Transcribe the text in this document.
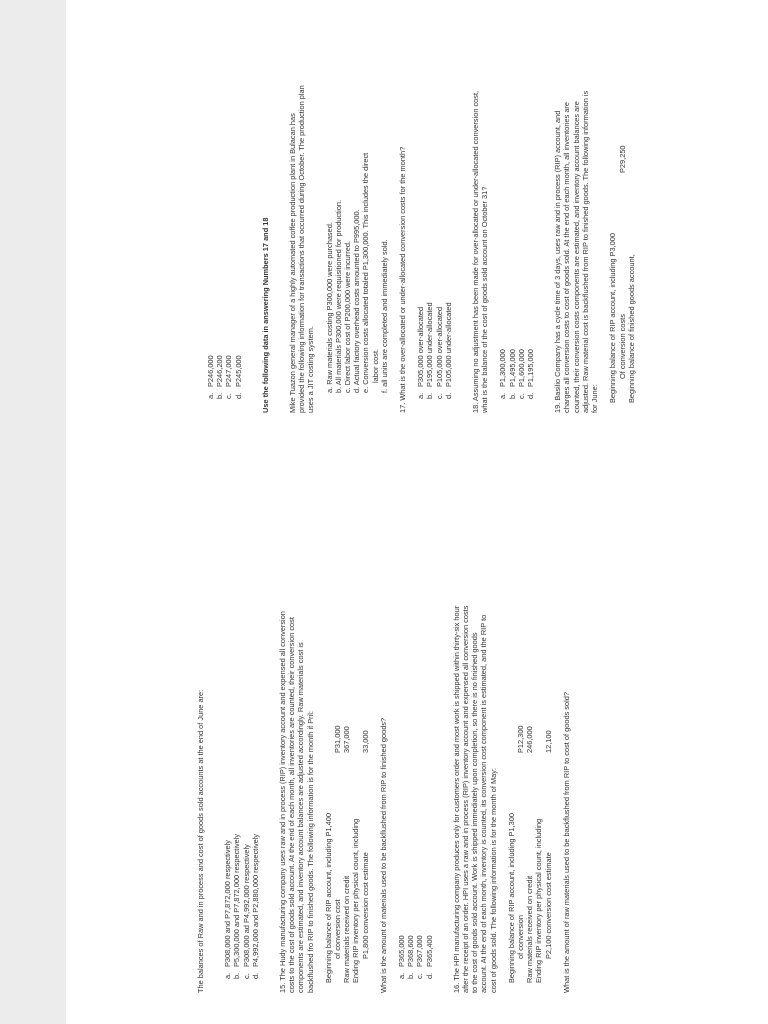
The balances of Raw and in process and cost of goods sold accounts at the end of June are: a.
P308,000 and P7,872,000 respectively
b.
P5,300,000 and P7,872,000 respectively
c.
P308,000 ad P4,992,000 respectively
d.
P4,992,000 and P2,880,000 respectively 15. The Hudy manufacturing company uses raw and in process (RIP) inventory account and expensed all conversion costs to the cost of goods sold account. At the end of each month, all inventories are counted, their conversion cost components are estimated, and inventory account balances are adjusted accordingly. Raw materials cost is backflushed fro RIP to finished goods. The following information is for the month if Pril: Beginning balance of RIP account, including P1,400 of conversion cost
P31,000
Raw materials received on credit
367,000
Ending RIP inventory per physical count, including P1,800 conversion cost estimate
33,000 What is the amount of materials used to be backflushed from RIP to finished goods? a.
P365,000
b.
P368,600
c.
P367,000
d.
P365,400 16. The HPI manufacturing company produces only for customers order and most work is shipped within thirty-six hour after the receipt of an order. HPI uses a raw and in process (RIP) inventory account and expensed all conversion costs to the cost of goods sold account. Work is shipped immediately upon completion, so there is no finished goods account. At the end of each month, inventory is counted, its conversion cost component is estimated, and the RIP to cost of goods sold. The following information is for the month of May: Beginning balance of RIP account, including P1,300 of conversion
P12,300
Raw materials received on credit
246,000
Ending RIP inventory per physical count, including P2,100 conversion cost estimate
12,100 What is the amount of raw materials used to be backflushed from RIP to cost of goods sold?
a.
P246,000
b.
P246,200
c.
P247,000
d.
P245,000 Use the following data in answering Numbers 17 and 18 Mike Tuazon general manager of a highly automated coffee production plant in Bulacan has provided the following information for transactions that occurred during October. The production plan uses a JIT costing system. a. Raw materials costing P300,000 were purchased. b. All materials P300,000 were requisitioned for production. c. Direct labor cost of P200,000 were incurred. d. Actual factory overhead costs amounted to P995,000. e. Conversion costs allocated totaled P1,300,000. This includes the direct labor cost. f. all units are completed and immediately sold. 17. What is the over-allocated or under-allocated conversion costs for the month? a.
P305,000 over-allocated
b.
P195,000 under-allocated
c.
P105,000 over-allocated
d.
P105,000 under-allocated 18. Assuming no adjustment has been made for over-allocated or under-allocated conversion cost, what is the balance of the cost of goods sold account on October 31? a.
P1,300,000
b.
P1,495,000
c.
P1,600,000
d.
P1,195,000 19. Basilio Company has a cycle time of 3 days, uses raw and in process (RIP) account, and charges all conversion costs to cost of goods sold. At the end of each month, all inventories are counted, their conversion costs components are estimated, and inventory account balances are adjusted. Raw material cost is backflushed from RIP to finished goods. The following information is for June: Beginning balance of RIP account, including P3,000 Of conversion costs
P29,250
Beginning balance of finished goods account,
